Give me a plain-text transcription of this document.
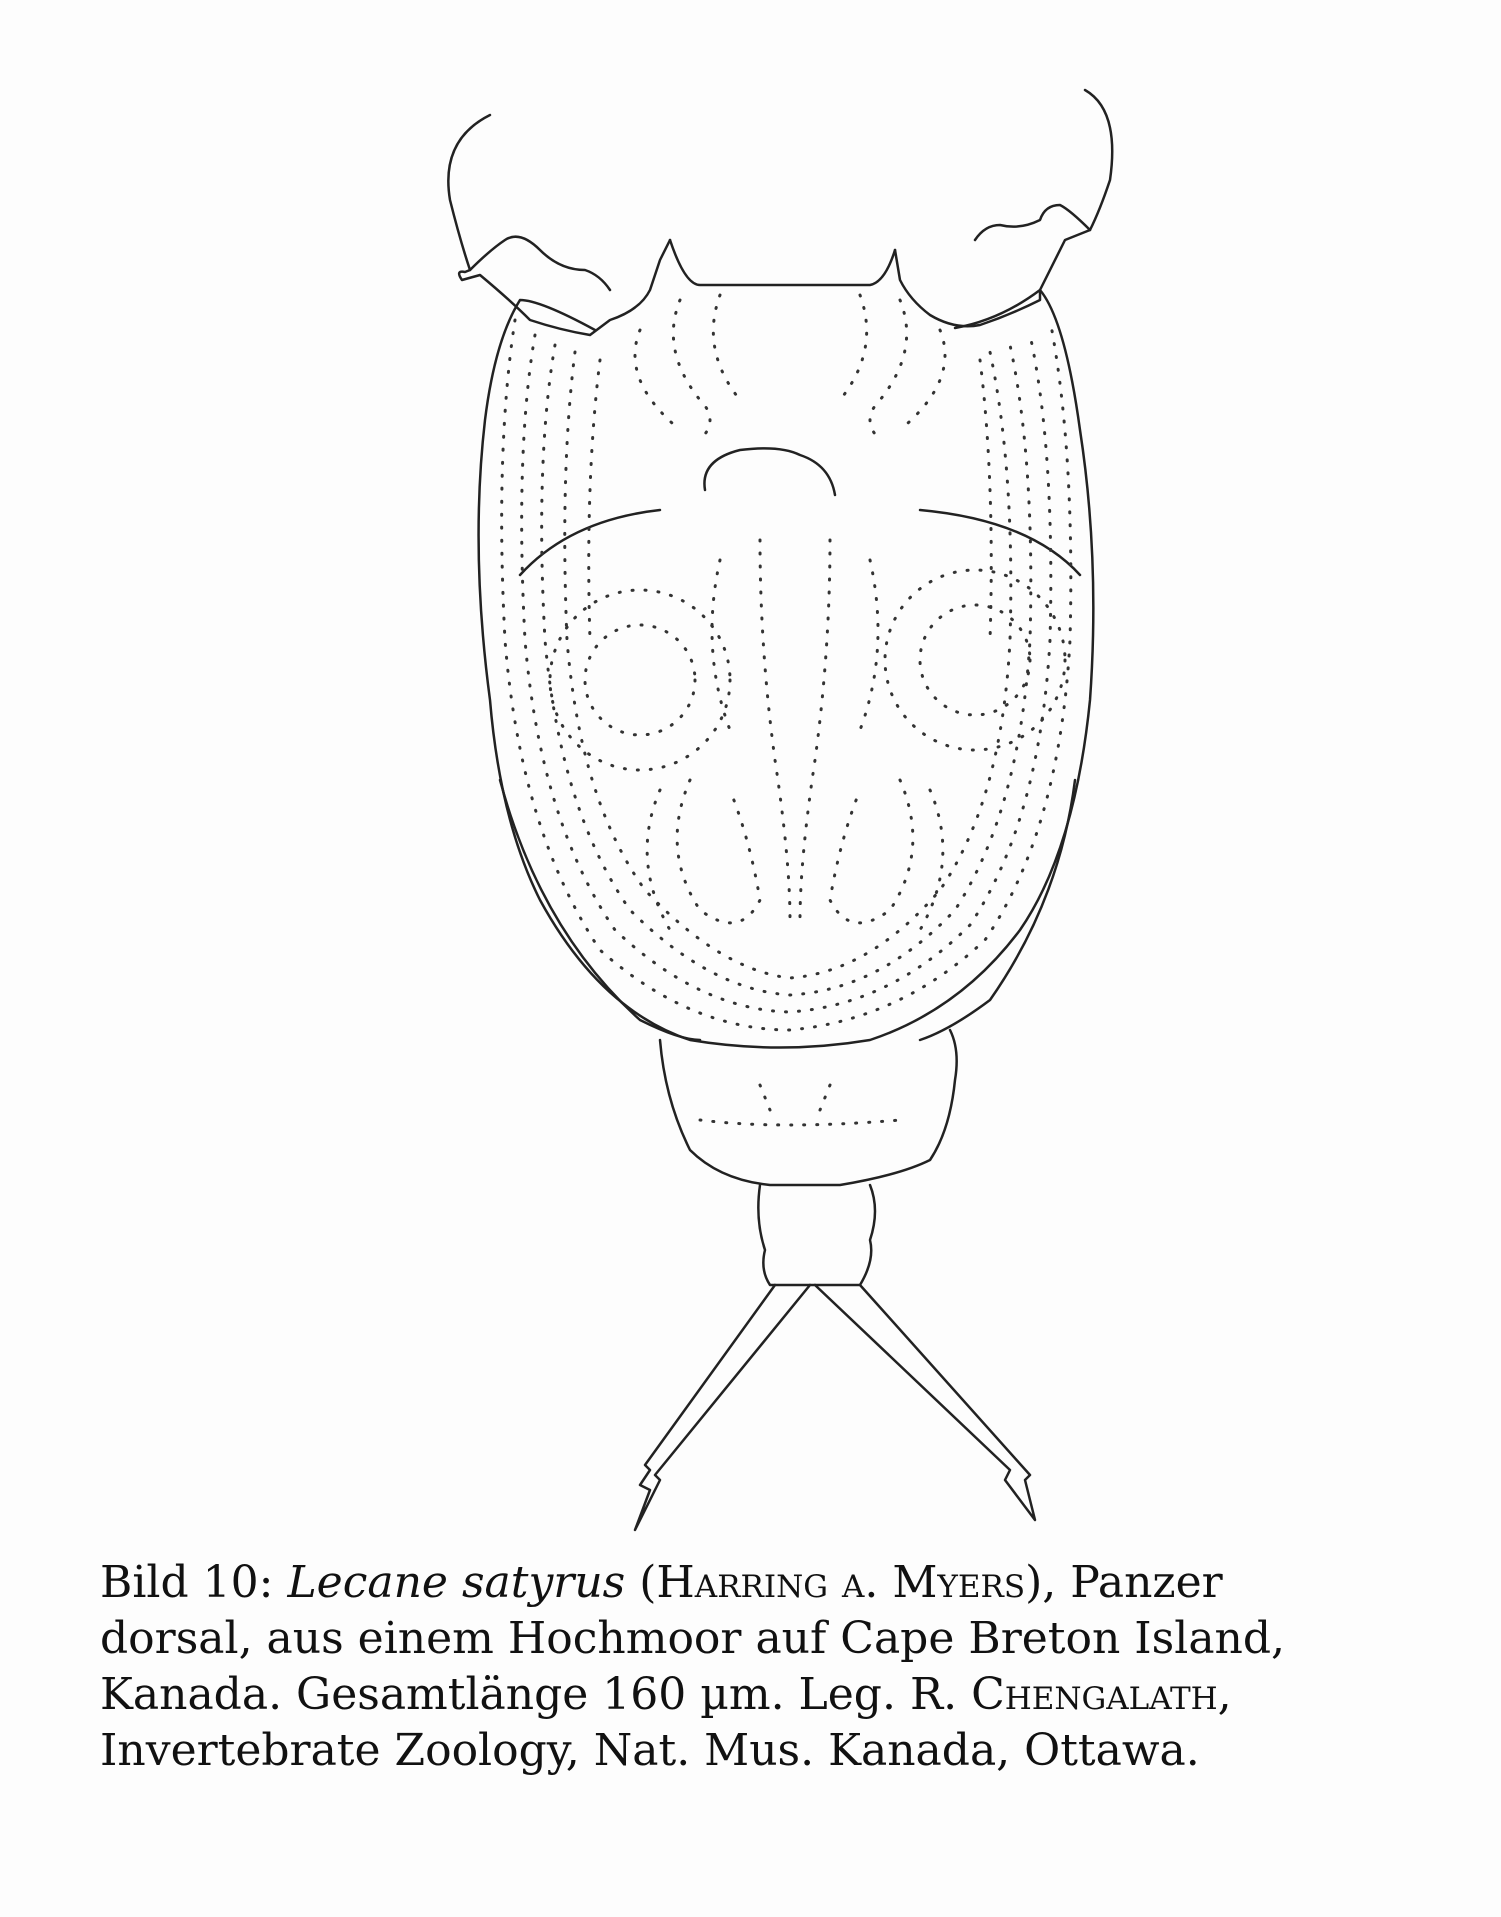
Bild 10: Lecane satyrus (Harring a. Myers), Panzer
dorsal, aus einem Hochmoor auf Cape Breton Island,
Kanada. Gesamtlänge 160 µm. Leg. R. Chengalath,
Invertebrate Zoology, Nat. Mus. Kanada, Ottawa.
